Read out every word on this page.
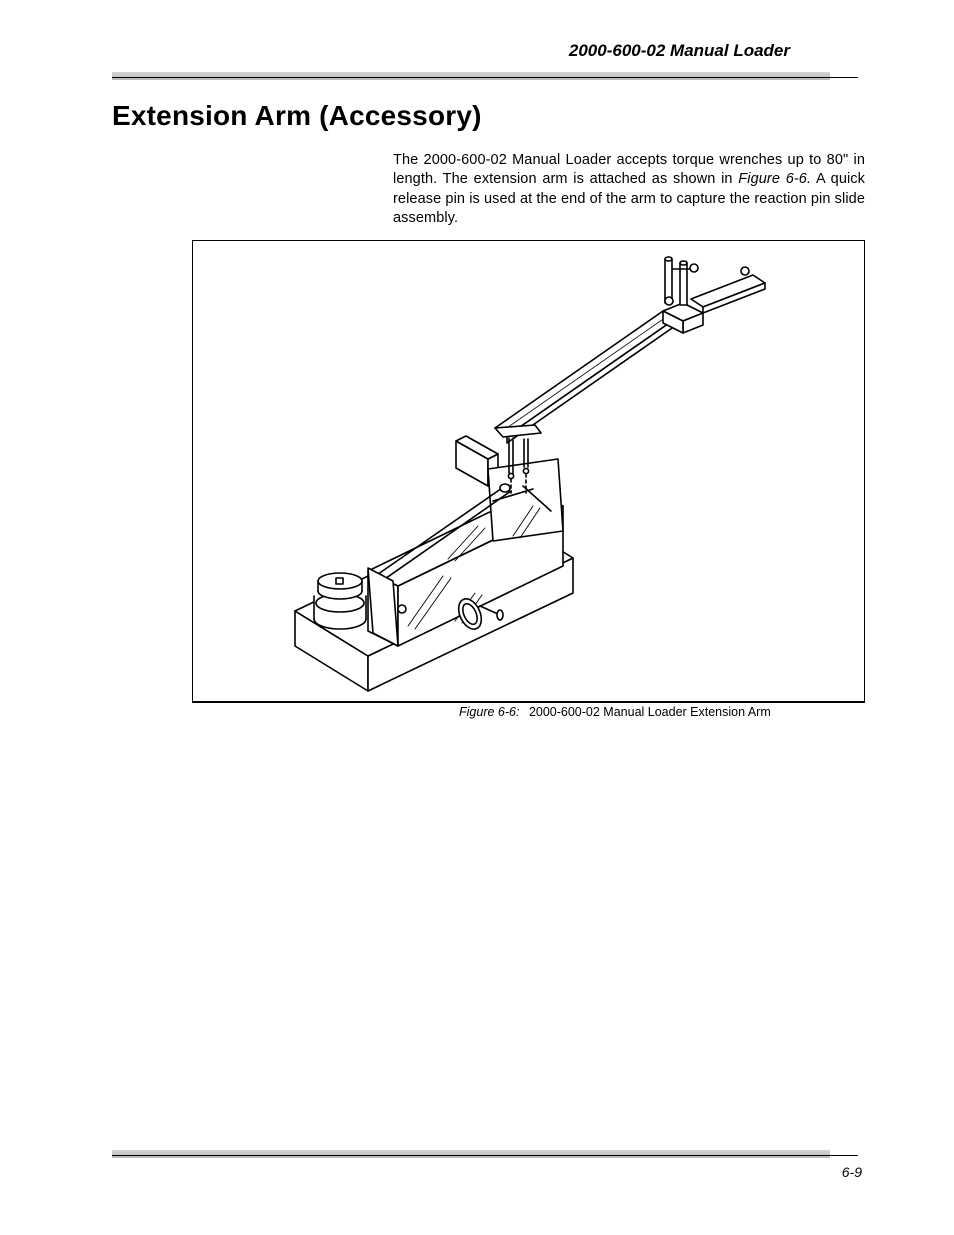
2000-600-02 Manual Loader
Extension Arm (Accessory)

The 2000-600-02 Manual Loader accepts torque wrenches up to 80" in length. The extension arm is attached as shown in Figure 6-6. A quick release pin is used at the end of the arm to capture the reaction pin slide assembly.

Figure 6-6: 2000-600-02 Manual Loader Extension Arm
6-9
